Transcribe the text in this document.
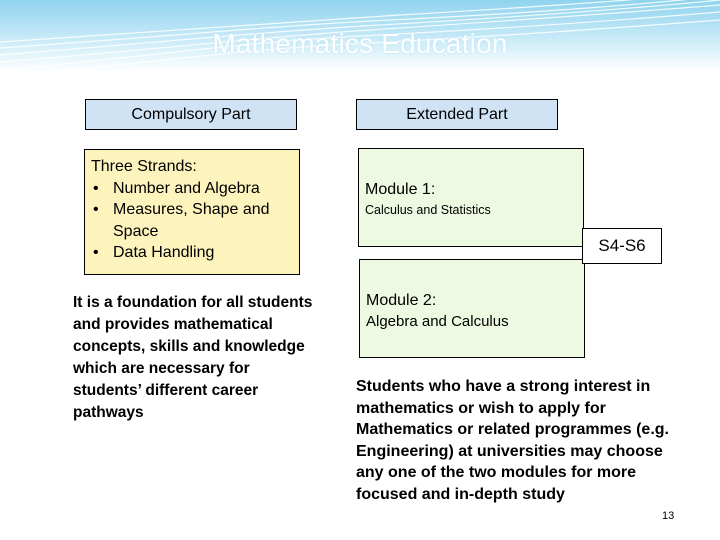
Mathematics Education
Compulsory Part	Extended Part
Three Strands:
• Number and Algebra
• Measures, Shape and Space
• Data Handling
It is a foundation for all students and provides mathematical concepts, skills and knowledge which are necessary for students’ different career pathways
Module 1:
Calculus and Statistics
Module 2:
Algebra and Calculus
S4-S6
Students who have a strong interest in mathematics or wish to apply for Mathematics or related programmes (e.g. Engineering) at universities may choose any one of the two modules for more focused and in-depth study
13
